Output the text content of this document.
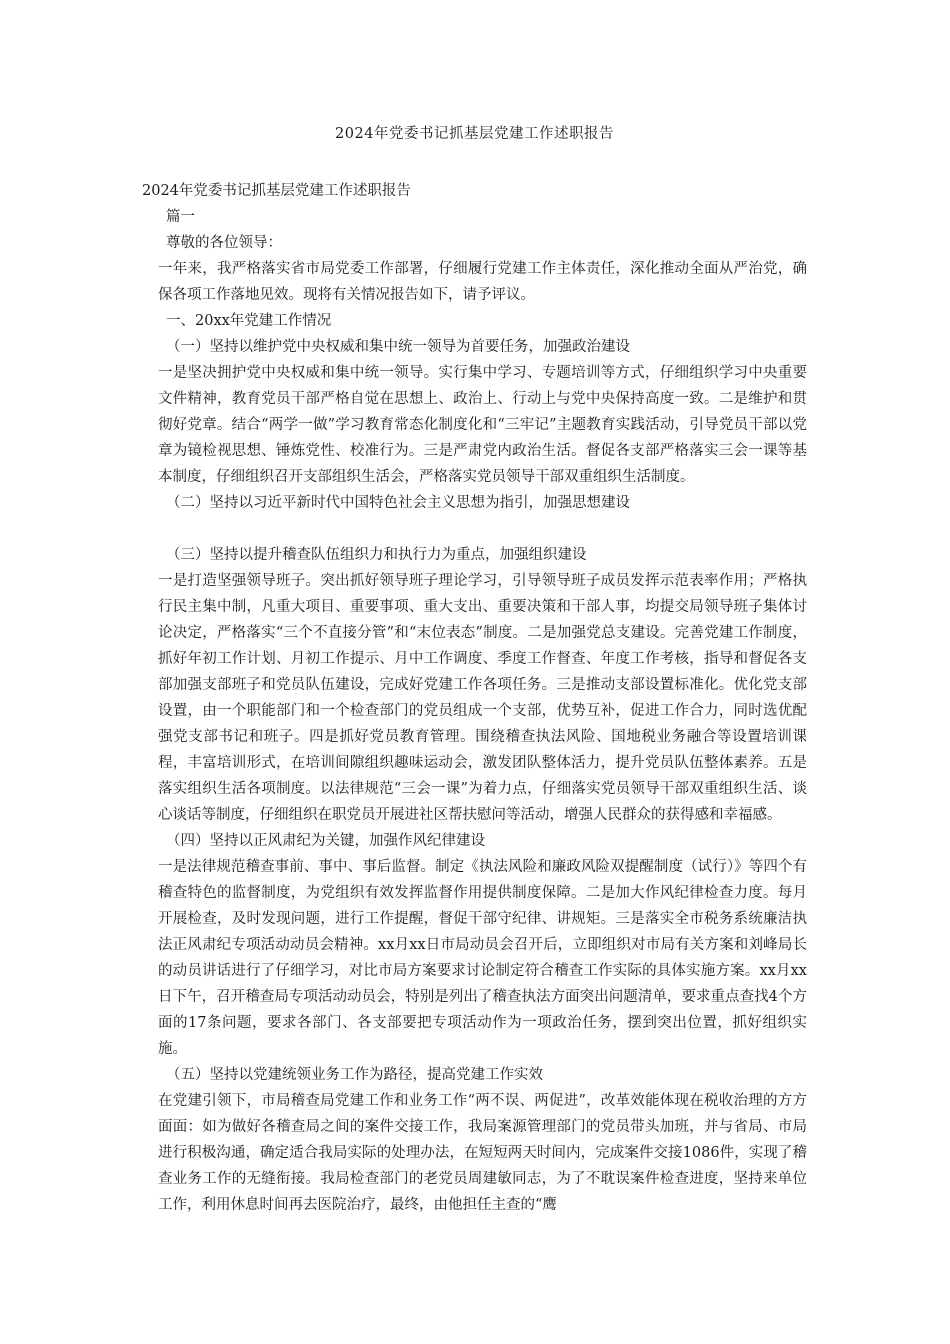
2024年党委书记抓基层党建工作述职报告

2024年党委书记抓基层党建工作述职报告

篇一

尊敬的各位领导：

一年来，我严格落实省市局党委工作部署，仔细履行党建工作主体责任，深化推动全面从严治党，确保各项工作落地见效。现将有关情况报告如下，请予评议。

一、20xx年党建工作情况

（一）坚持以维护党中央权威和集中统一领导为首要任务，加强政治建设

一是坚决拥护党中央权威和集中统一领导。实行集中学习、专题培训等方式，仔细组织学习中央重要文件精神，教育党员干部严格自觉在思想上、政治上、行动上与党中央保持高度一致。二是维护和贯彻好党章。结合“两学一做”学习教育常态化制度化和“三牢记”主题教育实践活动，引导党员干部以党章为镜检视思想、锤炼党性、校准行为。三是严肃党内政治生活。督促各支部严格落实三会一课等基本制度，仔细组织召开支部组织生活会，严格落实党员领导干部双重组织生活制度。

（二）坚持以习近平新时代中国特色社会主义思想为指引，加强思想建设

（三）坚持以提升稽查队伍组织力和执行力为重点，加强组织建设

一是打造坚强领导班子。突出抓好领导班子理论学习，引导领导班子成员发挥示范表率作用；严格执行民主集中制，凡重大项目、重要事项、重大支出、重要决策和干部人事，均提交局领导班子集体讨论决定，严格落实“三个不直接分管”和“末位表态”制度。二是加强党总支建设。完善党建工作制度，抓好年初工作计划、月初工作提示、月中工作调度、季度工作督查、年度工作考核，指导和督促各支部加强支部班子和党员队伍建设，完成好党建工作各项任务。三是推动支部设置标准化。优化党支部设置，由一个职能部门和一个检查部门的党员组成一个支部，优势互补，促进工作合力，同时选优配强党支部书记和班子。四是抓好党员教育管理。围绕稽查执法风险、国地税业务融合等设置培训课程，丰富培训形式，在培训间隙组织趣味运动会，激发团队整体活力，提升党员队伍整体素养。五是落实组织生活各项制度。以法律规范“三会一课”为着力点，仔细落实党员领导干部双重组织生活、谈心谈话等制度，仔细组织在职党员开展进社区帮扶慰问等活动，增强人民群众的获得感和幸福感。

（四）坚持以正风肃纪为关键，加强作风纪律建设

一是法律规范稽查事前、事中、事后监督。制定《执法风险和廉政风险双提醒制度（试行）》等四个有稽查特色的监督制度，为党组织有效发挥监督作用提供制度保障。二是加大作风纪律检查力度。每月开展检查，及时发现问题，进行工作提醒，督促干部守纪律、讲规矩。三是落实全市税务系统廉洁执法正风肃纪专项活动动员会精神。xx月xx日市局动员会召开后，立即组织对市局有关方案和刘峰局长的动员讲话进行了仔细学习，对比市局方案要求讨论制定符合稽查工作实际的具体实施方案。xx月xx日下午，召开稽查局专项活动动员会，特别是列出了稽查执法方面突出问题清单，要求重点查找4个方面的17条问题，要求各部门、各支部要把专项活动作为一项政治任务，摆到突出位置，抓好组织实施。

（五）坚持以党建统领业务工作为路径，提高党建工作实效

在党建引领下，市局稽查局党建工作和业务工作“两不误、两促进”，改革效能体现在税收治理的方方面面：如为做好各稽查局之间的案件交接工作，我局案源管理部门的党员带头加班，并与省局、市局进行积极沟通，确定适合我局实际的处理办法，在短短两天时间内，完成案件交接1086件，实现了稽查业务工作的无缝衔接。我局检查部门的老党员周建敏同志，为了不耽误案件检查进度，坚持来单位工作，利用休息时间再去医院治疗，最终，由他担任主查的“鹰
